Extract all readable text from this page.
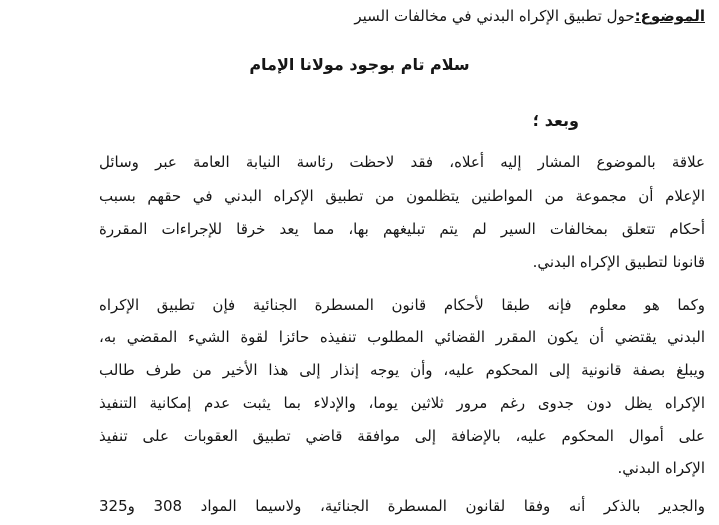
الموضوع:حول تطبيق الإكراه البدني في مخالفات السير
سلام تام بوجود مولانا الإمام
وبعد ؛
علاقة بالموضوع المشار إليه أعلاه، فقد لاحظت رئاسة النيابة العامة عبر وسائل
الإعلام أن مجموعة من المواطنين يتظلمون من تطبيق الإكراه البدني في حقهم بسبب
أحكام تتعلق بمخالفات السير لم يتم تبليغهم بها، مما يعد خرقا للإجراءات المقررة
قانونا لتطبيق الإكراه البدني.
وكما هو معلوم فإنه طبقا لأحكام قانون المسطرة الجنائية فإن تطبيق الإكراه
البدني يقتضي أن يكون المقرر القضائي المطلوب تنفيذه حائزا لقوة الشيء المقضي به،
ويبلغ بصفة قانونية إلى المحكوم عليه، وأن يوجه إنذار إلى هذا الأخير من طرف طالب
الإكراه يظل دون جدوى رغم مرور ثلاثين يوما، والإدلاء بما يثبت عدم إمكانية التنفيذ
على أموال المحكوم عليه، بالإضافة إلى موافقة قاضي تطبيق العقوبات على تنفيذ
الإكراه البدني.
والجدير بالذكر أنه وفقا لقانون المسطرة الجنائية، ولاسيما المواد 308 و325
